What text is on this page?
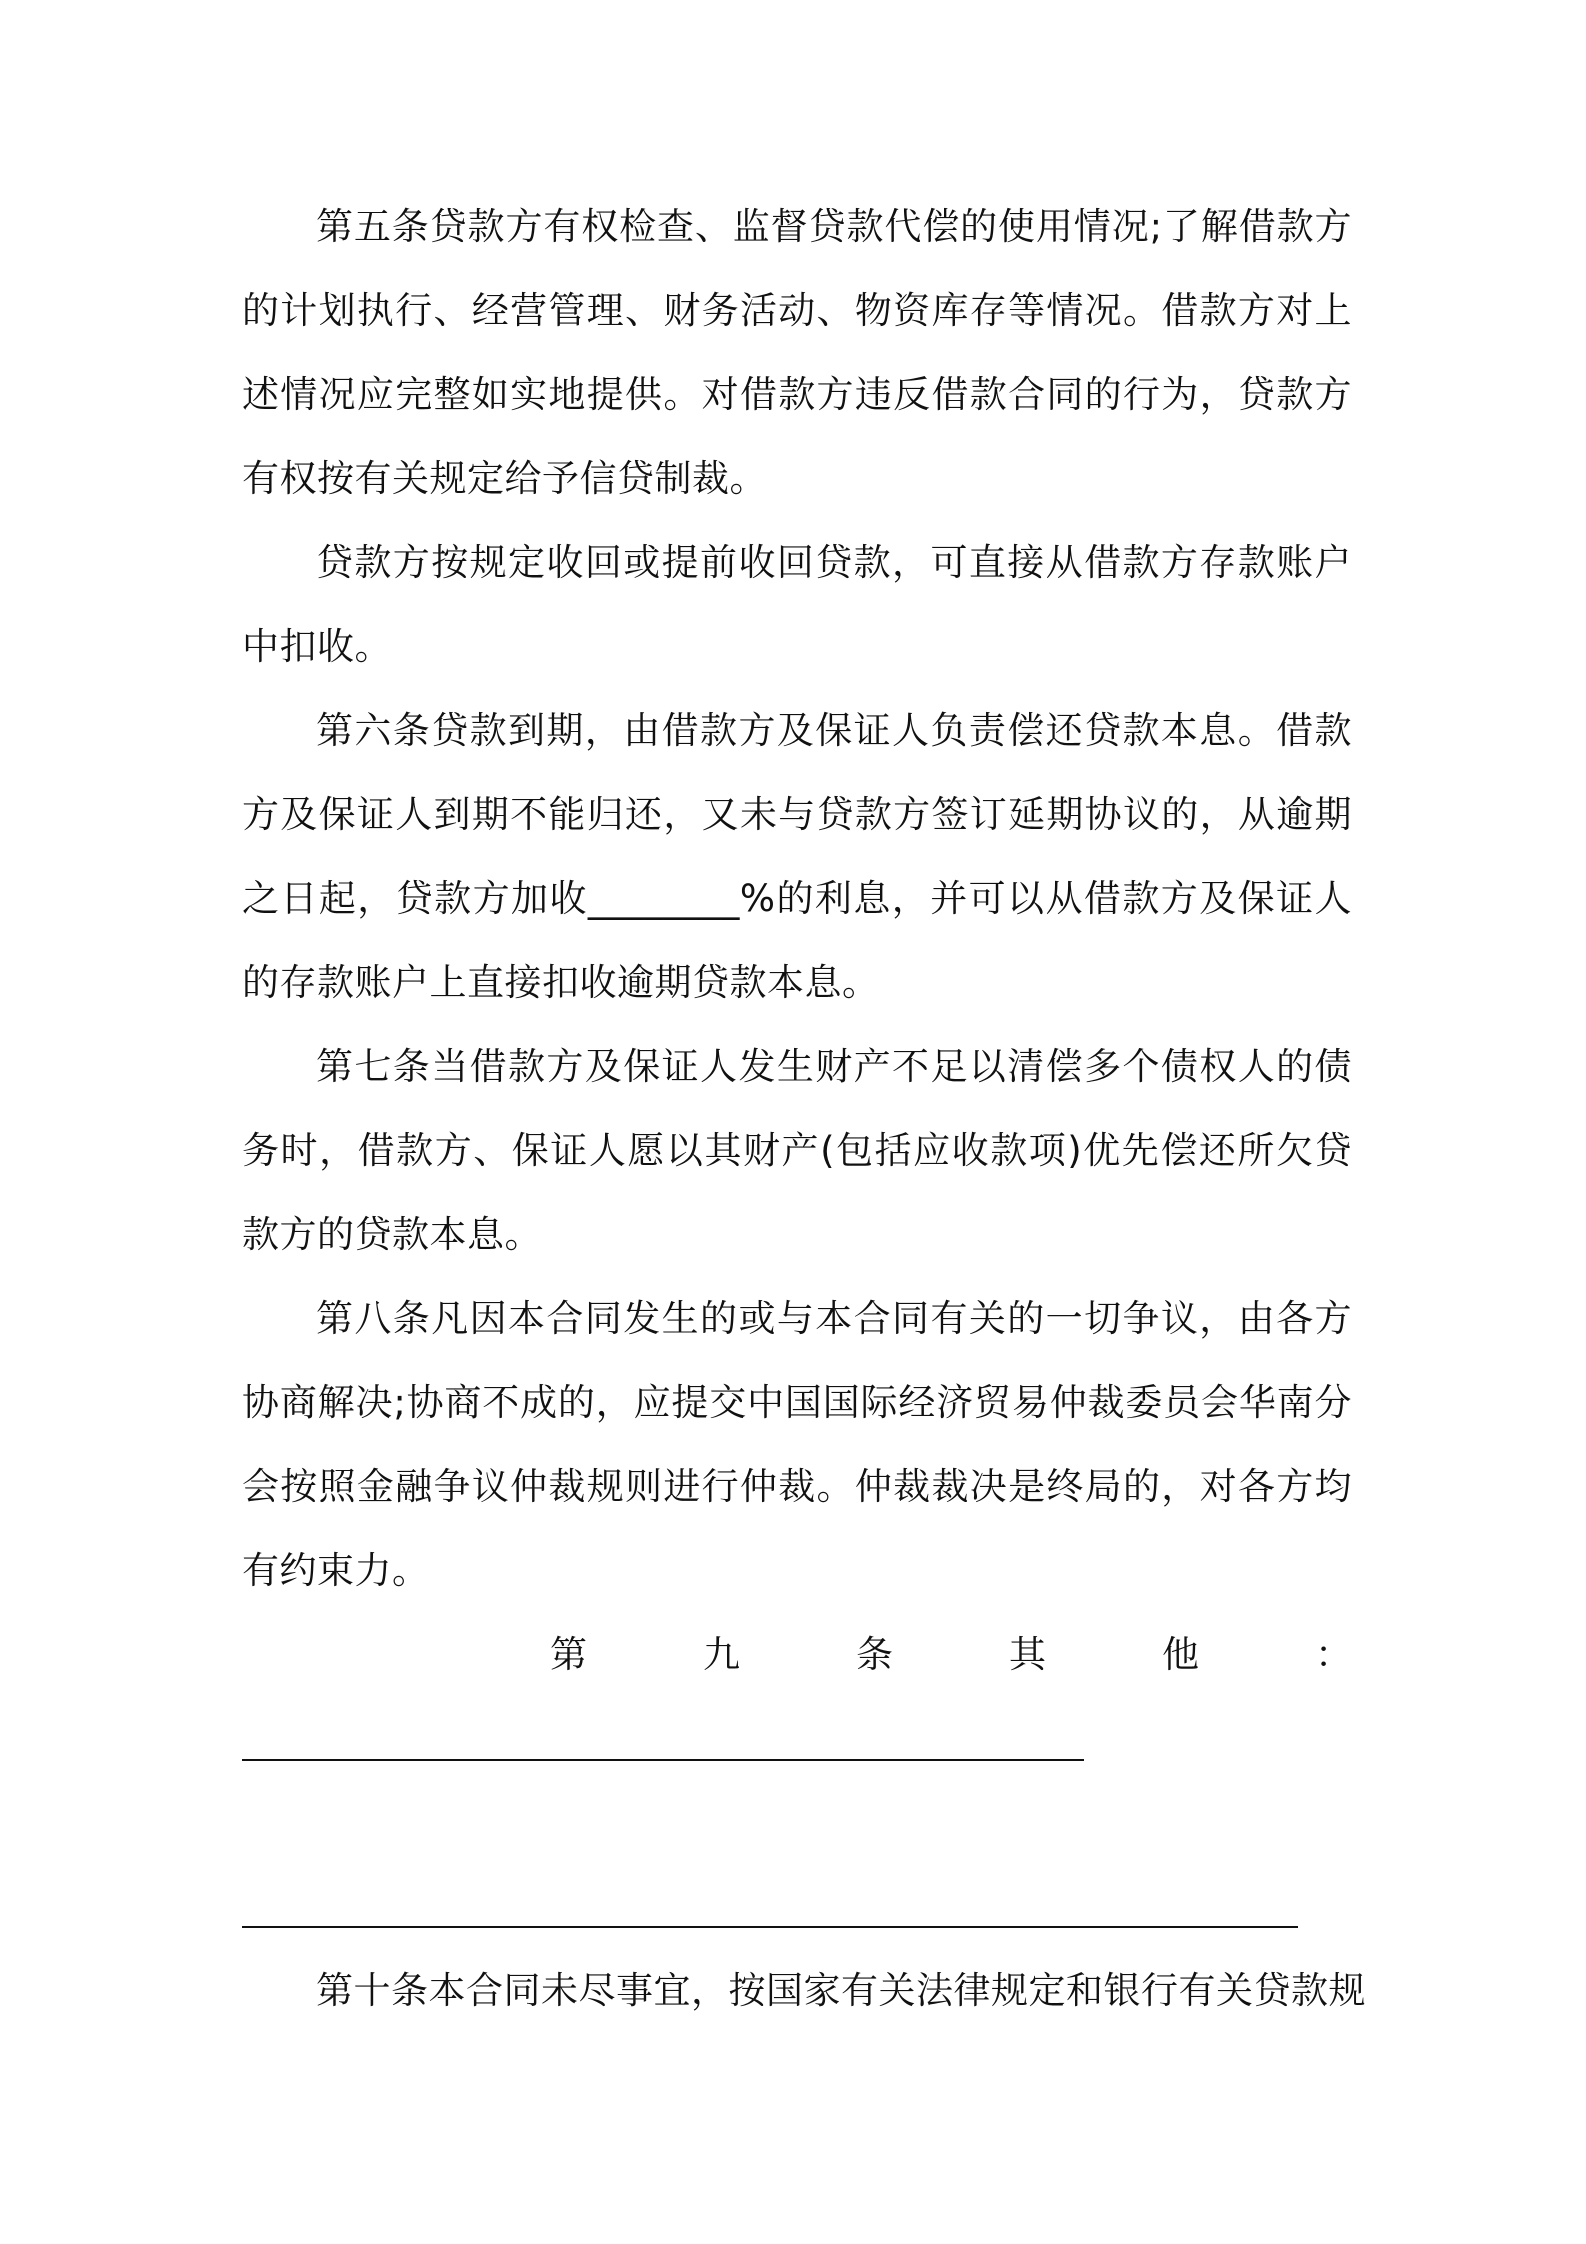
第五条贷款方有权检查、监督贷款代偿的使用情况;了解借款方的计划执行、经营管理、财务活动、物资库存等情况。借款方对上述情况应完整如实地提供。对借款方违反借款合同的行为，贷款方有权按有关规定给予信贷制裁。

贷款方按规定收回或提前收回贷款，可直接从借款方存款账户中扣收。

第六条贷款到期，由借款方及保证人负责偿还贷款本息。借款方及保证人到期不能归还，又未与贷款方签订延期协议的，从逾期之日起，贷款方加收________%的利息，并可以从借款方及保证人的存款账户上直接扣收逾期贷款本息。

第七条当借款方及保证人发生财产不足以清偿多个债权人的债务时，借款方、保证人愿以其财产(包括应收款项)优先偿还所欠贷款方的贷款本息。

第八条凡因本合同发生的或与本合同有关的一切争议，由各方协商解决;协商不成的，应提交中国国际经济贸易仲裁委员会华南分会按照金融争议仲裁规则进行仲裁。仲裁裁决是终局的，对各方均有约束力。

第	九	条	其	他	：

第十条本合同未尽事宜，按国家有关法律规定和银行有关贷款规
